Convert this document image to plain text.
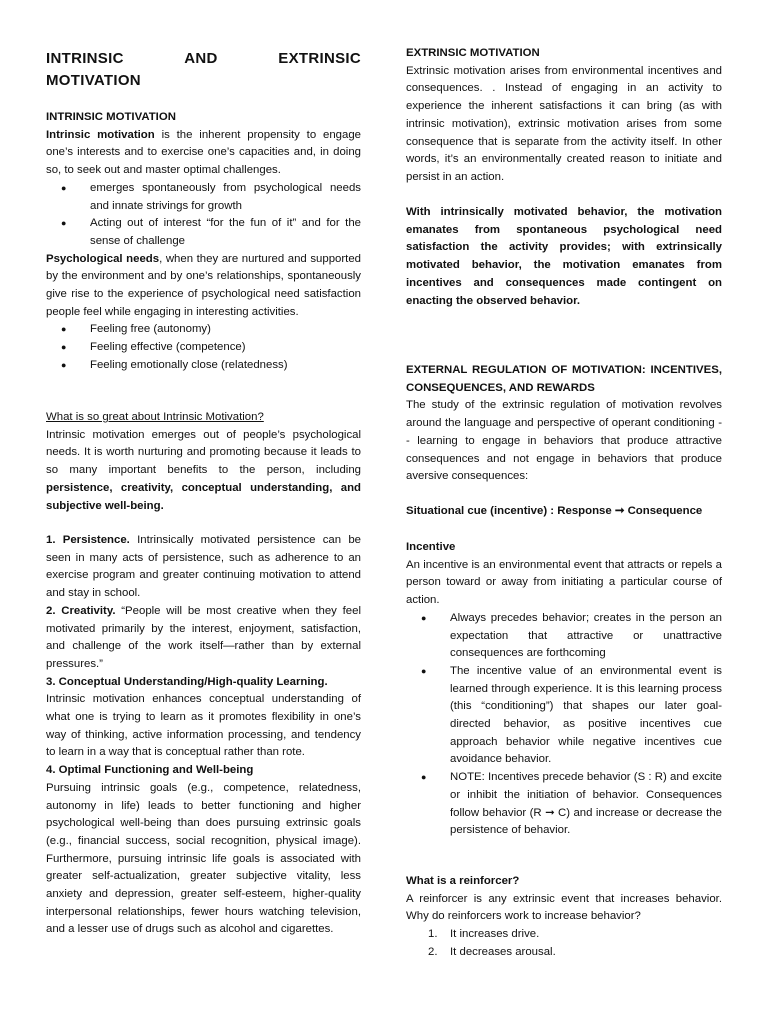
INTRINSIC	AND	EXTRINSIC
MOTIVATION
INTRINSIC MOTIVATION

Intrinsic motivation is the inherent propensity to engage one’s interests and to exercise one’s capacities and, in doing so, to seek out and master optimal challenges.

● emerges spontaneously from psychological needs and innate strivings for growth
● Acting out of interest “for the fun of it” and for the sense of challenge

Psychological needs, when they are nurtured and supported by the environment and by one’s relationships, spontaneously give rise to the experience of psychological need satisfaction people feel while engaging in interesting activities.

● Feeling free (autonomy)
● Feeling effective (competence)
● Feeling emotionally close (relatedness)
What is so great about Intrinsic Motivation?

Intrinsic motivation emerges out of people’s psychological needs. It is worth nurturing and promoting because it leads to so many important benefits to the person, including persistence, creativity, conceptual understanding, and subjective well-being.

1. Persistence. Intrinsically motivated persistence can be seen in many acts of persistence, such as adherence to an exercise program and greater continuing motivation to attend and stay in school.

2. Creativity. “People will be most creative when they feel motivated primarily by the interest, enjoyment, satisfaction, and challenge of the work itself—rather than by external pressures.”

3. Conceptual Understanding/High-quality Learning.

Intrinsic motivation enhances conceptual understanding of what one is trying to learn as it promotes flexibility in one’s way of thinking, active information processing, and tendency to learn in a way that is conceptual rather than rote.

4. Optimal Functioning and Well-being

Pursuing intrinsic goals (e.g., competence, relatedness, autonomy in life) leads to better functioning and higher psychological well-being than does pursuing extrinsic goals (e.g., financial success, social recognition, physical image). Furthermore, pursuing intrinsic life goals is associated with greater self-actualization, greater subjective vitality, less anxiety and depression, greater self-esteem, higher-quality interpersonal relationships, fewer hours watching television, and a lesser use of drugs such as alcohol and cigarettes.

EXTRINSIC MOTIVATION

Extrinsic motivation arises from environmental incentives and consequences. . Instead of engaging in an activity to experience the inherent satisfactions it can bring (as with intrinsic motivation), extrinsic motivation arises from some consequence that is separate from the activity itself. In other words, it’s an environmentally created reason to initiate and persist in an action.

With intrinsically motivated behavior, the motivation emanates from spontaneous psychological need satisfaction the activity provides; with extrinsically motivated behavior, the motivation emanates from incentives and consequences made contingent on enacting the observed behavior.

EXTERNAL REGULATION OF MOTIVATION: INCENTIVES, CONSEQUENCES, AND REWARDS

The study of the extrinsic regulation of motivation revolves around the language and perspective of operant conditioning -- learning to engage in behaviors that produce attractive consequences and not engage in behaviors that produce aversive consequences:

Situational cue (incentive) : Response ➞ Consequence
Incentive

An incentive is an environmental event that attracts or repels a person toward or away from initiating a particular course of action.

● Always precedes behavior; creates in the person an expectation that attractive or unattractive consequences are forthcoming
● The incentive value of an environmental event is learned through experience. It is this learning process (this “conditioning”) that shapes our later goal-directed behavior, as positive incentives cue approach behavior while negative incentives cue avoidance behavior.
● NOTE: Incentives precede behavior (S : R) and excite or inhibit the initiation of behavior. Consequences follow behavior (R ➞ C) and increase or decrease the persistence of behavior.
What is a reinforcer?

A reinforcer is any extrinsic event that increases behavior. Why do reinforcers work to increase behavior?

1. It increases drive.
2. It decreases arousal.
